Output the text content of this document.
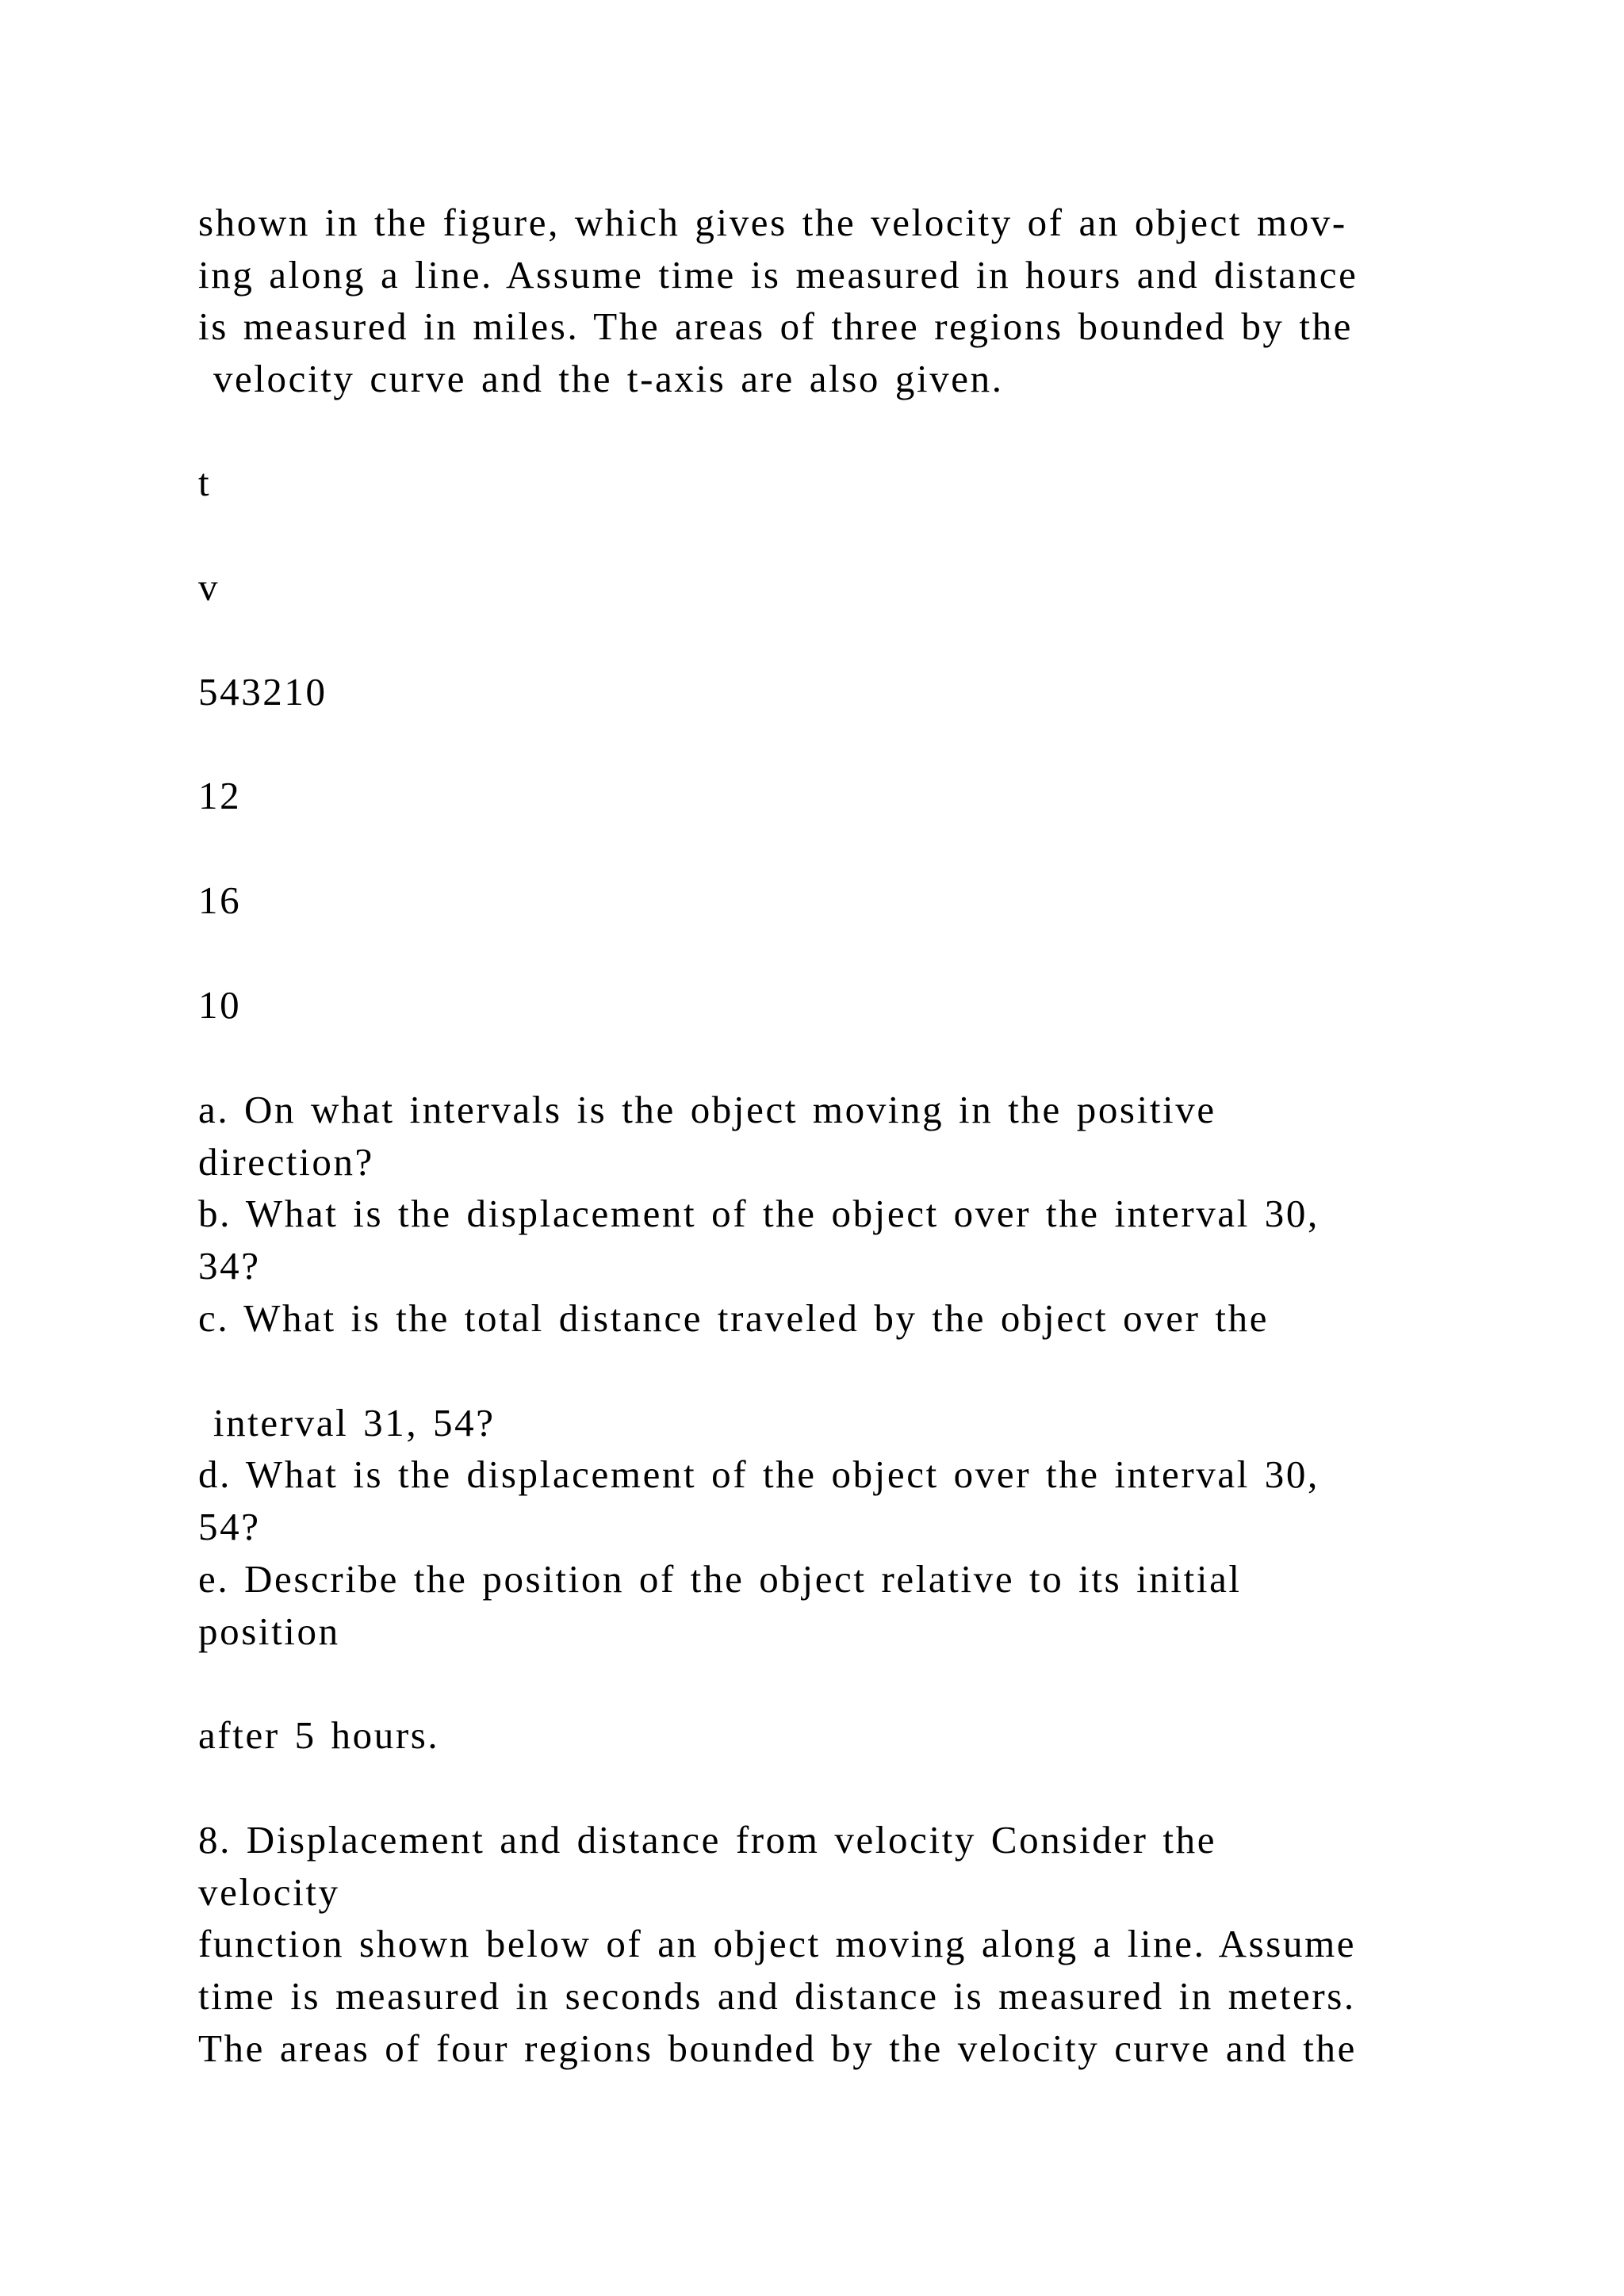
shown in the figure, which gives the velocity of an object mov-
ing along a line. Assume time is measured in hours and distance
is measured in miles. The areas of three regions bounded by the
velocity curve and the t-axis are also given.
t
v
543210
12
16
10
a. On what intervals is the object moving in the positive
direction?
b. What is the displacement of the object over the interval 30,
34?
c. What is the total distance traveled by the object over the
interval 31, 54?
d. What is the displacement of the object over the interval 30,
54?
e. Describe the position of the object relative to its initial
position
after 5 hours.
8. Displacement and distance from velocity Consider the
velocity
function shown below of an object moving along a line. Assume
time is measured in seconds and distance is measured in meters.
The areas of four regions bounded by the velocity curve and the
